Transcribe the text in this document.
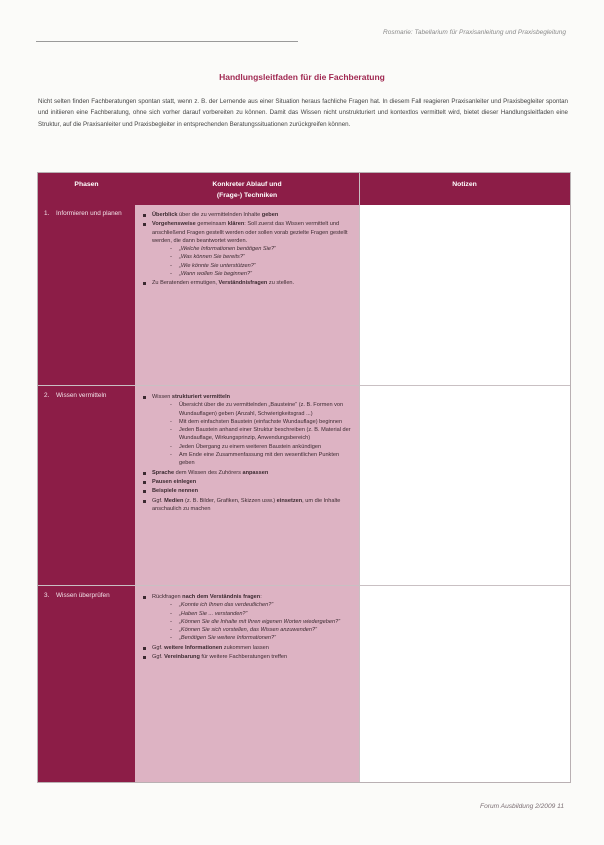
Rosmarie: Tabellarium für Praxisanleitung und Praxisbegleitung
Handlungsleitfaden für die Fachberatung
Nicht selten finden Fachberatungen spontan statt, wenn z. B. der Lernende aus einer Situation heraus fachliche Fragen hat. In diesem Fall reagieren Praxisanleiter und Praxisbegleiter spontan und initiieren eine Fachberatung, ohne sich vorher darauf vorbereiten zu können. Damit das Wissen nicht unstrukturiert und kontextlos vermittelt wird, bietet dieser Handlungsleitfaden eine Struktur, auf die Praxisanleiter und Praxisbegleiter in entsprechenden Beratungssituationen zurückgreifen können.
Phasen	Konkreter Ablauf und
(Frage-) Techniken
Notizen
1. Informieren und planen	Überblick über die zu vermittelnden Inhalte geben
Vorgehensweise gemeinsam klären: Soll zuerst das Wissen vermittelt und anschließend Fragen gestellt werden oder sollen vorab gezielte Fragen gestellt werden, die dann beantwortet werden.
- „Welche Informationen benötigen Sie?“
- „Was können Sie bereits?“
- „Wie könnte Sie unterstützen?“
- „Wann wollen Sie beginnen?“
Zu Beratenden ermutigen, Verständnisfragen zu stellen.
2. Wissen vermitteln	Wissen strukturiert vermitteln
- Übersicht über die zu vermittelnden „Bausteine“ (z. B. Formen von Wundauflagen) geben (Anzahl, Schwierigkeitsgrad ...)
- Mit dem einfachsten Baustein (einfachste Wundauflage) beginnen
- Jeden Baustein anhand einer Struktur beschreiben (z. B. Material der Wundauflage, Wirkungsprinzip, Anwendungsbereich)
- Jeden Übergang zu einem weiteren Baustein ankündigen
- Am Ende eine Zusammenfassung mit den wesentlichen Punkten geben
Sprache dem Wissen des Zuhörers anpassen
Pausen einlegen
Beispiele nennen
Ggf. Medien (z. B. Bilder, Grafiken, Skizzen usw.) einsetzen, um die Inhalte anschaulich zu machen
3. Wissen überprüfen	Rückfragen nach dem Verständnis fragen:
- „Konnte ich Ihnen das verdeutlichen?“
- „Haben Sie ... verstanden?“
- „Können Sie die Inhalte mit Ihren eigenen Worten wiedergeben?“
- „Können Sie sich vorstellen, das Wissen anzuwenden?“
- „Benötigen Sie weitere Informationen?“
Ggf. weitere Informationen zukommen lassen
Ggf. Vereinbarung für weitere Fachberatungen treffen
Forum Ausbildung 2/2009 11
